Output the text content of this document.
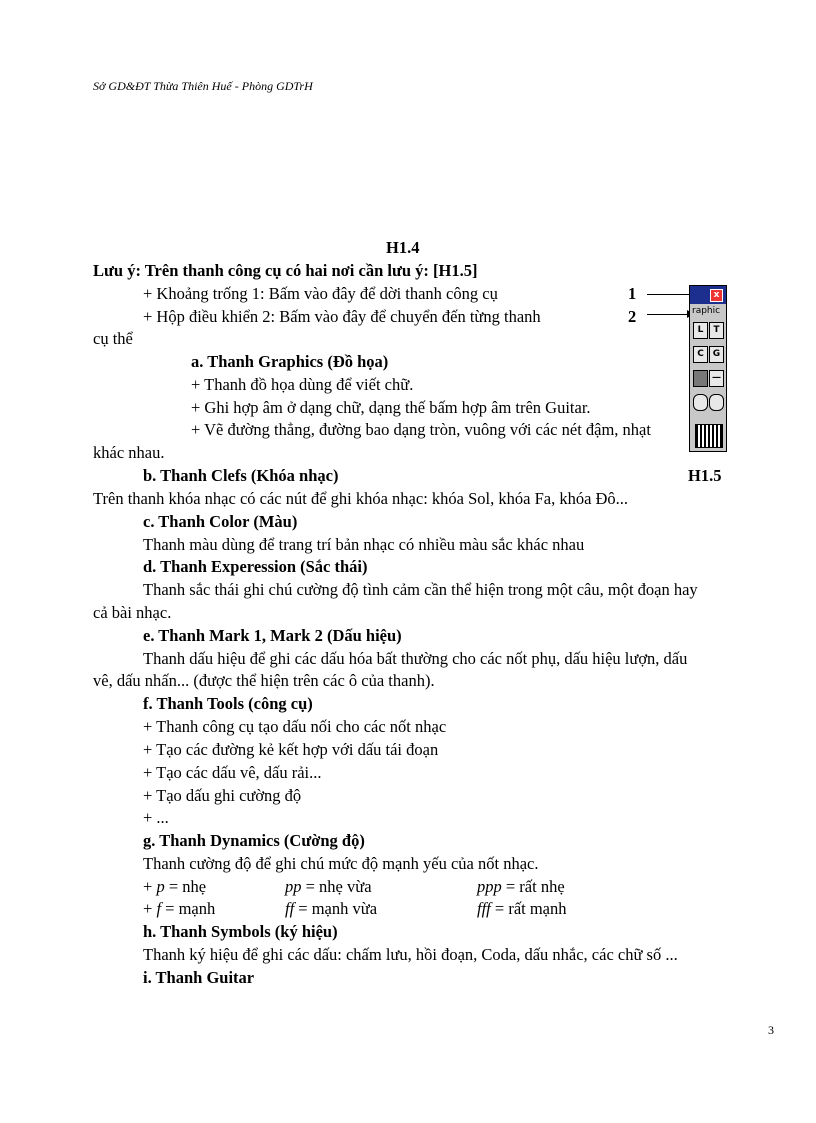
Sở GD&ĐT Thừa Thiên Huế - Phòng GDTrH
H1.4
Lưu ý: Trên thanh công cụ có hai nơi cần lưu ý: [H1.5]
+ Khoảng trống 1: Bấm vào đây để dời thanh công cụ
+ Hộp điều khiển 2: Bấm vào đây để chuyển đến từng thanh
cụ thể
1
2
x
raphic
L	T
C	G
—
a. Thanh Graphics (Đồ họa)
+ Thanh đồ họa dùng để viết chữ.
+ Ghi hợp âm ở dạng chữ, dạng thế bấm hợp âm trên Guitar.
+ Vẽ đường thẳng, đường bao dạng tròn, vuông với các nét đậm, nhạt
khác nhau.
b. Thanh Clefs (Khóa nhạc)	H1.5
Trên thanh khóa nhạc có các nút để ghi khóa nhạc: khóa Sol, khóa Fa, khóa Đô...
c. Thanh Color (Màu)
Thanh màu dùng để trang trí bản nhạc có nhiều màu sắc khác nhau
d. Thanh Experession (Sắc thái)
Thanh sắc thái ghi chú cường độ tình cảm cần thể hiện trong một câu, một đoạn hay
cả bài nhạc.
e. Thanh Mark 1, Mark 2 (Dấu hiệu)
Thanh dấu hiệu để ghi các dấu hóa bất thường cho các nốt phụ, dấu hiệu lượn, dấu
vê, dấu nhấn... (được thể hiện trên các ô của thanh).
f. Thanh Tools (công cụ)
+ Thanh công cụ tạo dấu nối cho các nốt nhạc
+ Tạo các đường kẻ kết hợp với dấu tái đoạn
+ Tạo các dấu vê, dấu rải...
+ Tạo dấu ghi cường độ
+ ...
g. Thanh Dynamics (Cường độ)
Thanh cường độ để ghi chú mức độ mạnh yếu của nốt nhạc.
+ p = nhẹ	pp = nhẹ vừa	ppp = rất nhẹ
+ f = mạnh	ff = mạnh vừa	fff = rất mạnh
h. Thanh Symbols (ký hiệu)
Thanh ký hiệu để ghi các dấu: chấm lưu, hồi đoạn, Coda, dấu nhắc, các chữ số ...
i. Thanh Guitar
3
